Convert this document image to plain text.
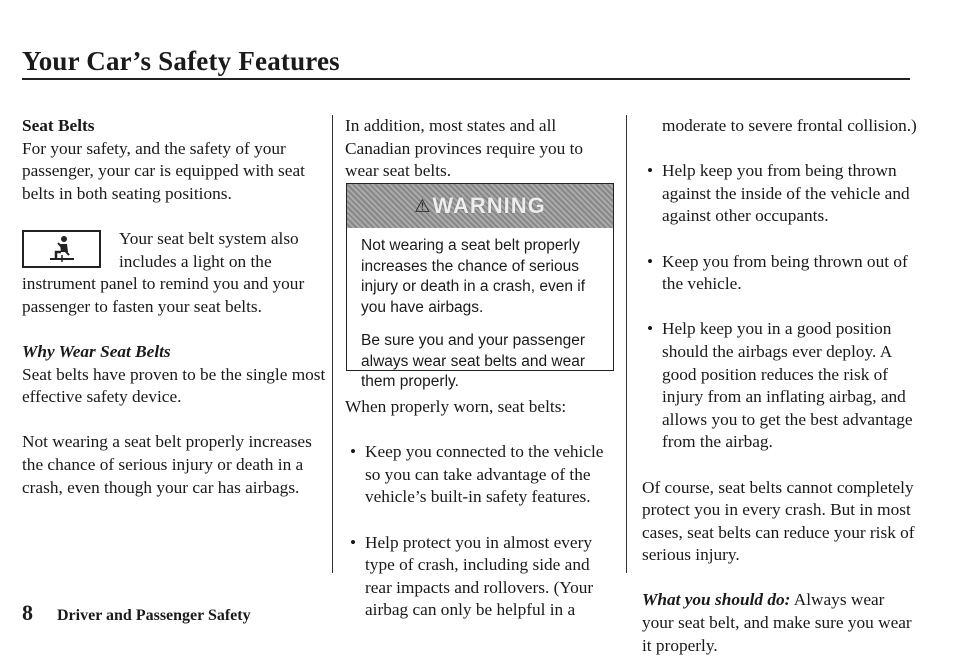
Your Car’s Safety Features

Seat Belts

For your safety, and the safety of your passenger, your car is equipped with seat belts in both seating positions.

Your seat belt system also

includes a light on the

instrument panel to remind you and your passenger to fasten your seat belts.

Why Wear Seat Belts

Seat belts have proven to be the single most effective safety device.

Not wearing a seat belt properly increases the chance of serious injury or death in a crash, even though your car has airbags.

In addition, most states and all Canadian provinces require you to wear seat belts.

⚠ WARNING

Not wearing a seat belt properly increases the chance of serious injury or death in a crash, even if you have airbags.

Be sure you and your passenger always wear seat belts and wear them properly.

When properly worn, seat belts:

• Keep you connected to the vehicle so you can take advantage of the vehicle’s built-in safety features.

• Help protect you in almost every type of crash, including side and rear impacts and rollovers. (Your airbag can only be helpful in a

moderate to severe frontal collision.)

• Help keep you from being thrown against the inside of the vehicle and against other occupants.

• Keep you from being thrown out of the vehicle.

• Help keep you in a good position should the airbags ever deploy. A good position reduces the risk of injury from an inflating airbag, and allows you to get the best advantage from the airbag.

Of course, seat belts cannot completely protect you in every crash. But in most cases, seat belts can reduce your risk of serious injury.

What you should do: Always wear your seat belt, and make sure you wear it properly.

8 Driver and Passenger Safety
